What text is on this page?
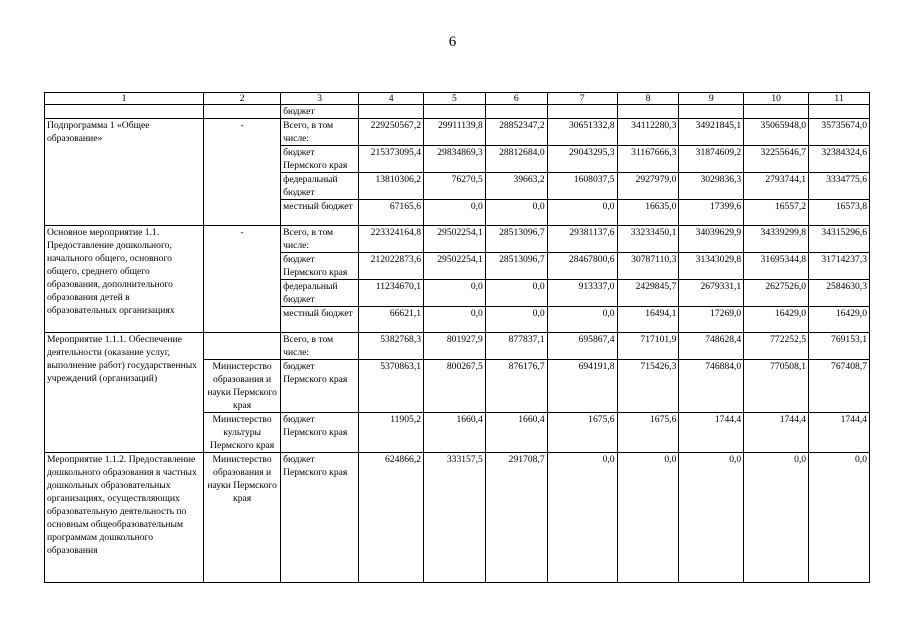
6
1	2	3	4	5	6	7	8	9	10	11
		бюджет								
Подпрограмма 1 «Общее образование»	-	Всего, в том числе:	229250567,2	29911139,8	28852347,2	30651332,8	34112280,3	34921845,1	35065948,0	35735674,0
		бюджет Пермского края	215373095,4	29834869,3	28812684,0	29043295,3	31167666,3	31874609,2	32255646,7	32384324,6
		федеральный бюджет	13810306,2	76270,5	39663,2	1608037,5	2927979,0	3029836,3	2793744,1	3334775,6
		местный бюджет	67165,6	0,0	0,0	0,0	16635,0	17399,6	16557,2	16573,8
Основное мероприятие 1.1. Предоставление дошкольного, начального общего, основного общего, среднего общего образования, дополнительного образования детей в образовательных организациях	-	Всего, в том числе:	223324164,8	29502254,1	28513096,7	29381137,6	33233450,1	34039629,9	34339299,8	34315296,6
		бюджет Пермского края	212022873,6	29502254,1	28513096,7	28467800,6	30787110,3	31343029,8	31695344,8	31714237,3
		федеральный бюджет	11234670,1	0,0	0,0	913337,0	2429845,7	2679331,1	2627526,0	2584630,3
		местный бюджет	66621,1	0,0	0,0	0,0	16494,1	17269,0	16429,0	16429,0
Мероприятие 1.1.1. Обеспечение деятельности (оказание услуг, выполнение работ) государственных учреждений (организаций)		Всего, в том числе:	5382768,3	801927,9	877837,1	695867,4	717101,9	748628,4	772252,5	769153,1
	Министерство образования и науки Пермского края	бюджет Пермского края	5370863,1	800267,5	876176,7	694191,8	715426,3	746884,0	770508,1	767408,7
	Министерство культуры Пермского края	бюджет Пермского края	11905,2	1660,4	1660,4	1675,6	1675,6	1744,4	1744,4	1744,4
Мероприятие 1.1.2. Предоставление дошкольного образования в частных дошкольных образовательных организациях, осуществляющих образовательную деятельность по основным общеобразовательным программам дошкольного образования	Министерство образования и науки Пермского края	бюджет Пермского края	624866,2	333157,5	291708,7	0,0	0,0	0,0	0,0	0,0
